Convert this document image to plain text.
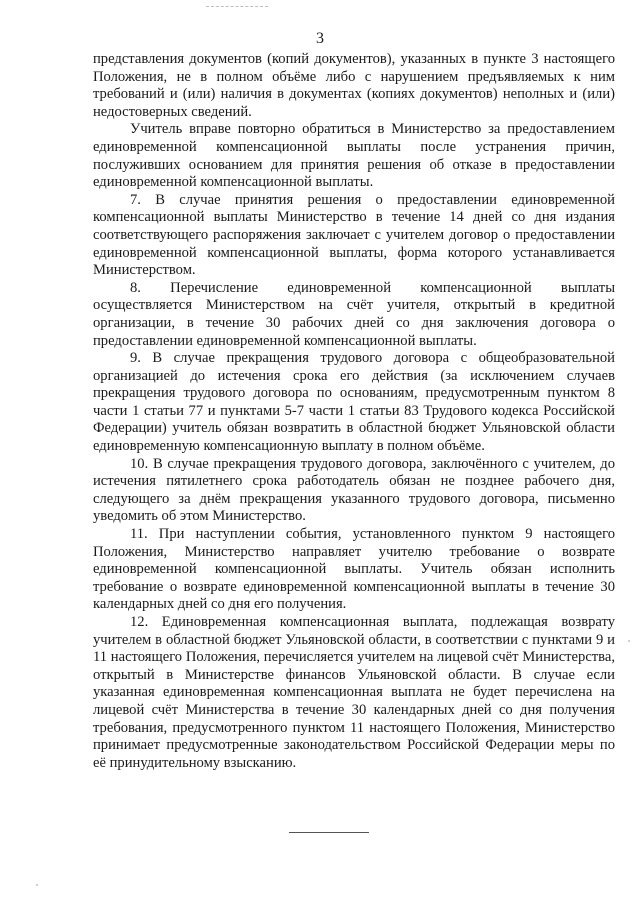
3

представления документов (копий документов), указанных в пункте 3 настоящего Положения, не в полном объёме либо с нарушением предъявляемых к ним требований и (или) наличия в документах (копиях документов) неполных и (или) недостоверных сведений.

Учитель вправе повторно обратиться в Министерство за предоставлением единовременной компенсационной выплаты после устранения причин, послуживших основанием для принятия решения об отказе в предоставлении единовременной компенсационной выплаты.

7. В случае принятия решения о предоставлении единовременной компенсационной выплаты Министерство в течение 14 дней со дня издания соответствующего распоряжения заключает с учителем договор о предоставлении единовременной компенсационной выплаты, форма которого устанавливается Министерством.

8. Перечисление единовременной компенсационной выплаты осуществляется Министерством на счёт учителя, открытый в кредитной организации, в течение 30 рабочих дней со дня заключения договора о предоставлении единовременной компенсационной выплаты.

9. В случае прекращения трудового договора с общеобразовательной организацией до истечения срока его действия (за исключением случаев прекращения трудового договора по основаниям, предусмотренным пунктом 8 части 1 статьи 77 и пунктами 5-7 части 1 статьи 83 Трудового кодекса Российской Федерации) учитель обязан возвратить в областной бюджет Ульяновской области единовременную компенсационную выплату в полном объёме.

10. В случае прекращения трудового договора, заключённого с учителем, до истечения пятилетнего срока работодатель обязан не позднее рабочего дня, следующего за днём прекращения указанного трудового договора, письменно уведомить об этом Министерство.

11. При наступлении события, установленного пунктом 9 настоящего Положения, Министерство направляет учителю требование о возврате единовременной компенсационной выплаты. Учитель обязан исполнить требование о возврате единовременной компенсационной выплаты в течение 30 календарных дней со дня его получения.

12. Единовременная компенсационная выплата, подлежащая возврату учителем в областной бюджет Ульяновской области, в соответствии с пунктами 9 и 11 настоящего Положения, перечисляется учителем на лицевой счёт Министерства, открытый в Министерстве финансов Ульяновской области. В случае если указанная единовременная компенсационная выплата не будет перечислена на лицевой счёт Министерства в течение 30 календарных дней со дня получения требования, предусмотренного пунктом 11 настоящего Положения, Министерство принимает предусмотренные законодательством Российской Федерации меры по её принудительному взысканию.
